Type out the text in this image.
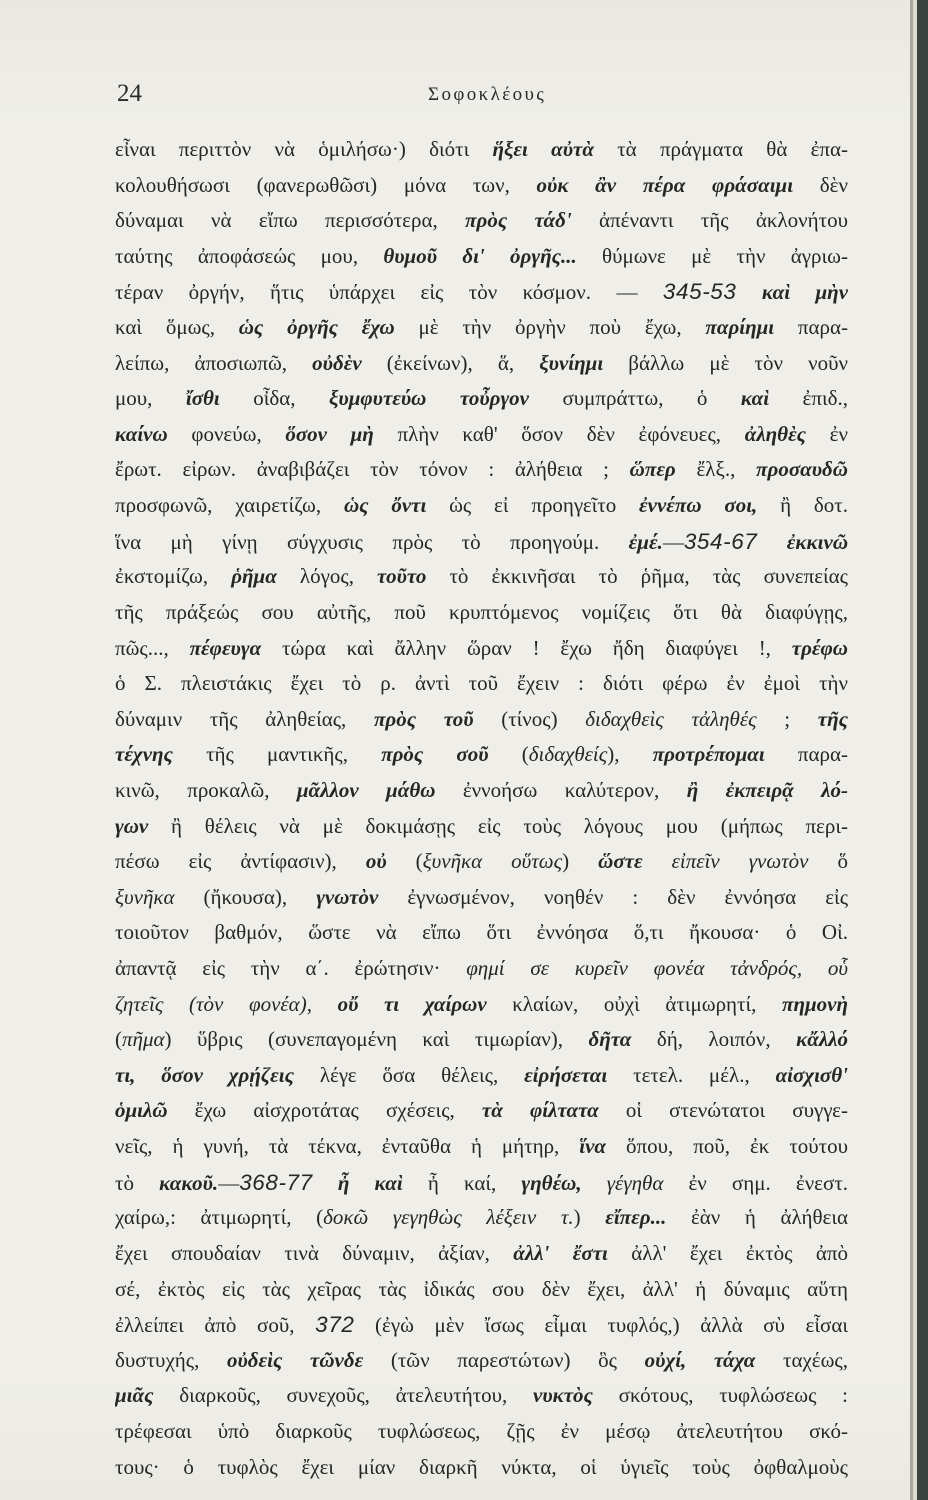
24	Σοφοκλέους
εἶναι περιττὸν νὰ ὁμιλήσω·) διότι ἥξει αὐτὰ τὰ πράγματα θὰ ἐπα-
κολουθήσωσι (φανερωθῶσι) μόνα των, οὐκ ἂν πέρα φράσαιμι δὲν
δύναμαι νὰ εἴπω περισσότερα, πρὸς τάδ' ἀπέναντι τῆς ἀκλονήτου
ταύτης ἀποφάσεώς μου, θυμοῦ δι' ὀργῆς... θύμωνε μὲ τὴν ἀγριω-
τέραν ὀργήν, ἥτις ὑπάρχει εἰς τὸν κόσμον. — 345-53 καὶ μὴν
καὶ ὅμως, ὡς ὀργῆς ἔχω μὲ τὴν ὀργὴν ποὺ ἔχω, παρίημι παρα-
λείπω, ἀποσιωπῶ, οὐδὲν (ἐκείνων), ἅ, ξυνίημι βάλλω μὲ τὸν νοῦν
μου, ἴσθι οἶδα, ξυμφυτεύω τοὖργον συμπράττω, ὁ καὶ ἐπιδ.,
καίνω φονεύω, ὅσον μὴ πλὴν καθ' ὅσον δὲν ἐφόνευες, ἀληθὲς ἐν
ἔρωτ. εἰρων. ἀναβιβάζει τὸν τόνον : ἀλήθεια ; ὥπερ ἔλξ., προσαυδῶ
προσφωνῶ, χαιρετίζω, ὡς ὄντι ὡς εἰ προηγεῖτο ἐννέπω σοι, ἢ δοτ.
ἵνα μὴ γίνῃ σύγχυσις πρὸς τὸ προηγούμ. ἐμέ.—354-67 ἐκκινῶ
ἐκστομίζω, ῥῆμα λόγος, τοῦτο τὸ ἐκκινῆσαι τὸ ῥῆμα, τὰς συνεπείας
τῆς πράξεώς σου αὐτῆς, ποῦ κρυπτόμενος νομίζεις ὅτι θὰ διαφύγῃς,
πῶς..., πέφευγα τώρα καὶ ἄλλην ὥραν ! ἔχω ἤδη διαφύγει !, τρέφω
ὁ Σ. πλειστάκις ἔχει τὸ ρ. ἀντὶ τοῦ ἔχειν : διότι φέρω ἐν ἐμοὶ τὴν
δύναμιν τῆς ἀληθείας, πρὸς τοῦ (τίνος) διδαχθεὶς τἀληθές ; τῆς
τέχνης τῆς μαντικῆς, πρὸς σοῦ (διδαχθείς), προτρέπομαι παρα-
κινῶ, προκαλῶ, μᾶλλον μάθω ἐννοήσω καλύτερον, ἢ ἐκπειρᾷ λό-
γων ἢ θέλεις νὰ μὲ δοκιμάσῃς εἰς τοὺς λόγους μου (μήπως περι-
πέσω εἰς ἀντίφασιν), οὐ (ξυνῆκα οὕτως) ὥστε εἰπεῖν γνωτὸν ὅ
ξυνῆκα (ἤκουσα), γνωτὸν ἐγνωσμένον, νοηθέν : δὲν ἐννόησα εἰς
τοιοῦτον βαθμόν, ὥστε νὰ εἴπω ὅτι ἐννόησα ὅ,τι ἤκουσα· ὁ Οἰ.
ἀπαντᾷ εἰς τὴν α΄. ἐρώτησιν· φημί σε κυρεῖν φονέα τἀνδρός, οὗ
ζητεῖς (τὸν φονέα), οὔ τι χαίρων κλαίων, οὐχὶ ἀτιμωρητί, πημονὴ
(πῆμα) ὕβρις (συνεπαγομένη καὶ τιμωρίαν), δῆτα δή, λοιπόν, κἄλλό
τι, ὅσον χρῄζεις λέγε ὅσα θέλεις, εἰρήσεται τετελ. μέλ., αἰσχισθ'
ὁμιλῶ ἔχω αἰσχροτάτας σχέσεις, τὰ φίλτατα οἱ στενώτατοι συγγε-
νεῖς, ἡ γυνή, τὰ τέκνα, ἐνταῦθα ἡ μήτηρ, ἵνα ὅπου, ποῦ, ἐκ τούτου
τὸ κακοῦ.—368-77 ἦ καὶ ἦ καί, γηθέω, γέγηθα ἐν σημ. ἐνεστ.
χαίρω,: ἀτιμωρητί, (δοκῶ γεγηθὼς λέξειν τ.) εἴπερ... ἐὰν ἡ ἀλήθεια
ἔχει σπουδαίαν τινὰ δύναμιν, ἀξίαν, ἀλλ' ἔστι ἀλλ' ἔχει ἐκτὸς ἀπὸ
σέ, ἐκτὸς εἰς τὰς χεῖρας τὰς ἰδικάς σου δὲν ἔχει, ἀλλ' ἡ δύναμις αὕτη
ἐλλείπει ἀπὸ σοῦ, 372 (ἐγὼ μὲν ἴσως εἶμαι τυφλός,) ἀλλὰ σὺ εἶσαι
δυστυχής, οὐδεὶς τῶνδε (τῶν παρεστώτων) ὃς οὐχί, τάχα ταχέως,
μιᾶς διαρκοῦς, συνεχοῦς, ἀτελευτήτου, νυκτὸς σκότους, τυφλώσεως :
τρέφεσαι ὑπὸ διαρκοῦς τυφλώσεως, ζῇς ἐν μέσῳ ἀτελευτήτου σκό-
τους· ὁ τυφλὸς ἔχει μίαν διαρκῆ νύκτα, οἱ ὑγιεῖς τοὺς ὀφθαλμοὺς
